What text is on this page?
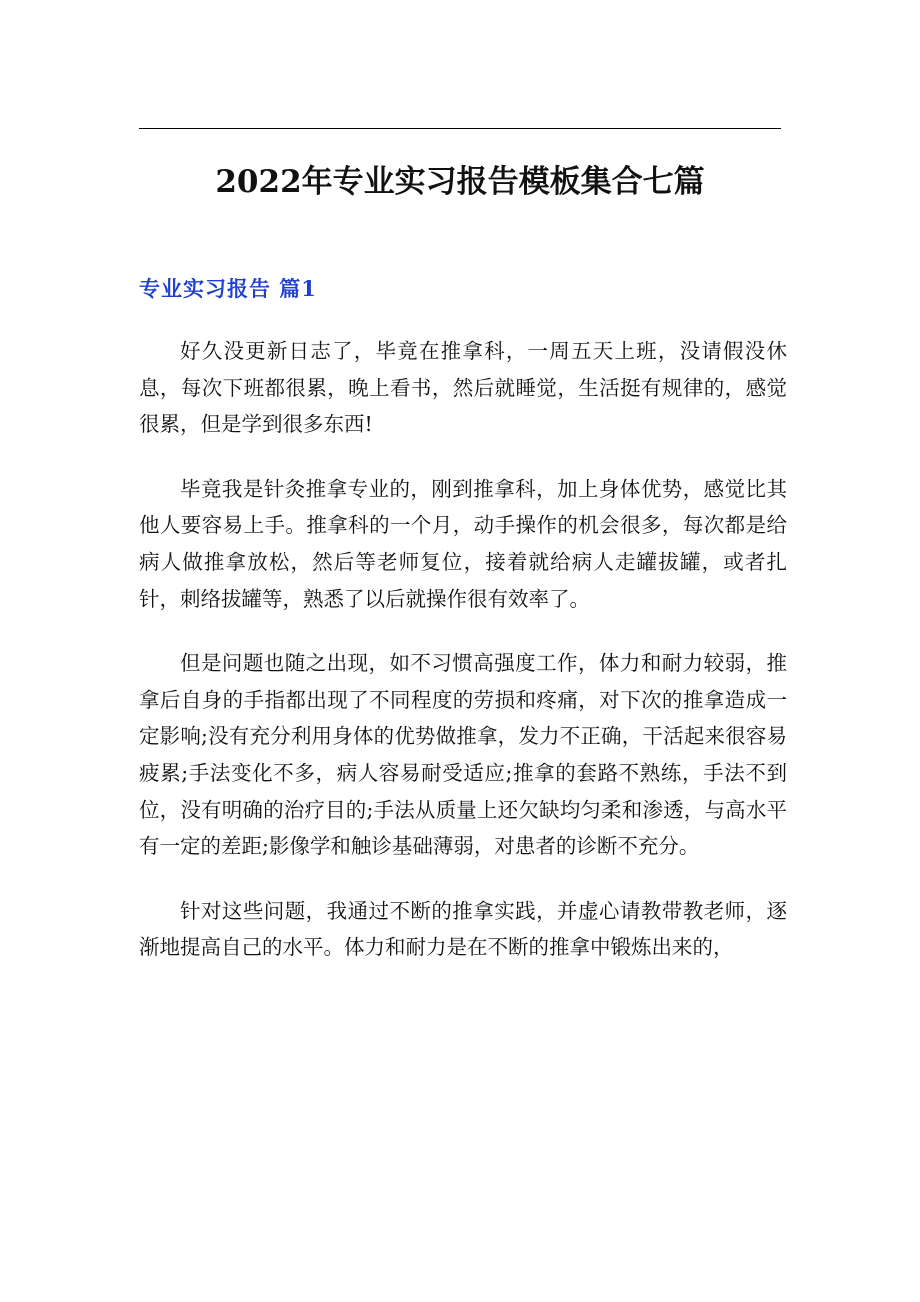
2022年专业实习报告模板集合七篇
专业实习报告 篇1

好久没更新日志了，毕竟在推拿科，一周五天上班，没请假没休息，每次下班都很累，晚上看书，然后就睡觉，生活挺有规律的，感觉很累，但是学到很多东西!

毕竟我是针灸推拿专业的，刚到推拿科，加上身体优势，感觉比其他人要容易上手。推拿科的一个月，动手操作的机会很多，每次都是给病人做推拿放松，然后等老师复位，接着就给病人走罐拔罐，或者扎针，刺络拔罐等，熟悉了以后就操作很有效率了。

但是问题也随之出现，如不习惯高强度工作，体力和耐力较弱，推拿后自身的手指都出现了不同程度的劳损和疼痛，对下次的推拿造成一定影响;没有充分利用身体的优势做推拿，发力不正确，干活起来很容易疲累;手法变化不多，病人容易耐受适应;推拿的套路不熟练，手法不到位，没有明确的治疗目的;手法从质量上还欠缺均匀柔和渗透，与高水平有一定的差距;影像学和触诊基础薄弱，对患者的诊断不充分。

针对这些问题，我通过不断的推拿实践，并虚心请教带教老师，逐渐地提高自己的水平。体力和耐力是在不断的推拿中锻炼出来的，
